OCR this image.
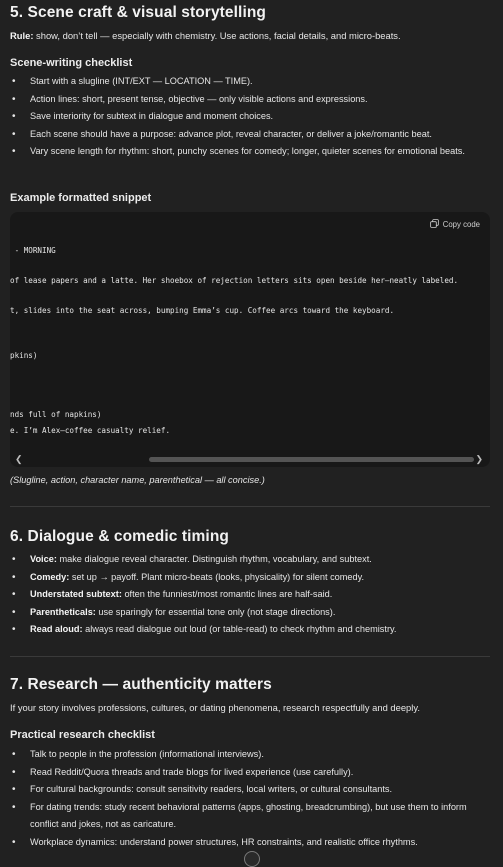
5. Scene craft & visual storytelling

Rule: show, don’t tell — especially with chemistry. Use actions, facial details, and micro-beats.

Scene-writing checklist
• Start with a slugline (INT/EXT — LOCATION — TIME).
• Action lines: short, present tense, objective — only visible actions and expressions.
• Save interiority for subtext in dialogue and moment choices.
• Each scene should have a purpose: advance plot, reveal character, or deliver a joke/romantic beat.
• Vary scene length for rhythm: short, punchy scenes for comedy; longer, quieter scenes for emotional beats.
Example formatted snippet
Copy code

- MORNING

of lease papers and a latte. Her shoebox of rejection letters sits open beside her—neatly labeled.

t, slides into the seat across, bumping Emma’s cup. Coffee arcs toward the keyboard.

pkins)

nds full of napkins)

e. I’m Alex—coffee casualty relief.

❮	❯
(Slugline, action, character name, parenthetical — all concise.)
6. Dialogue & comedic timing
• Voice: make dialogue reveal character. Distinguish rhythm, vocabulary, and subtext.
• Comedy: set up → payoff. Plant micro-beats (looks, physicality) for silent comedy.
• Understated subtext: often the funniest/most romantic lines are half-said.
• Parentheticals: use sparingly for essential tone only (not stage directions).
• Read aloud: always read dialogue out loud (or table-read) to check rhythm and chemistry.
7. Research — authenticity matters

If your story involves professions, cultures, or dating phenomena, research respectfully and deeply.

Practical research checklist
• Talk to people in the profession (informational interviews).
• Read Reddit/Quora threads and trade blogs for lived experience (use carefully).
• For cultural backgrounds: consult sensitivity readers, local writers, or cultural consultants.
• For dating trends: study recent behavioral patterns (apps, ghosting, breadcrumbing), but use them to inform conflict and jokes, not as caricature.
• Workplace dynamics: understand power structures, HR constraints, and realistic office rhythms.
